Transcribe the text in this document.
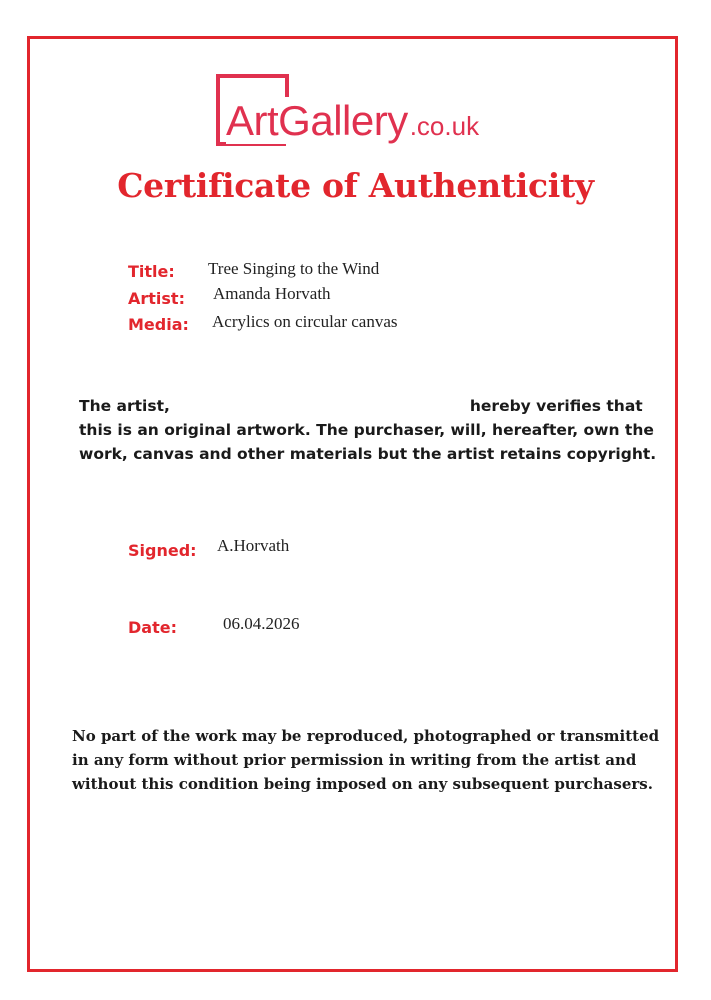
ArtGallery.co.uk
Certificate of Authenticity
Title: Tree Singing to the Wind
Artist: Amanda Horvath
Media: Acrylics on circular canvas
The artist,	hereby verifies that
this is an original artwork. The purchaser, will, hereafter, own the
work, canvas and other materials but the artist retains copyright.
Signed: A.Horvath
Date:	06.04.2026
No part of the work may be reproduced, photographed or transmitted
in any form without prior permission in writing from the artist and
without this condition being imposed on any subsequent purchasers.
